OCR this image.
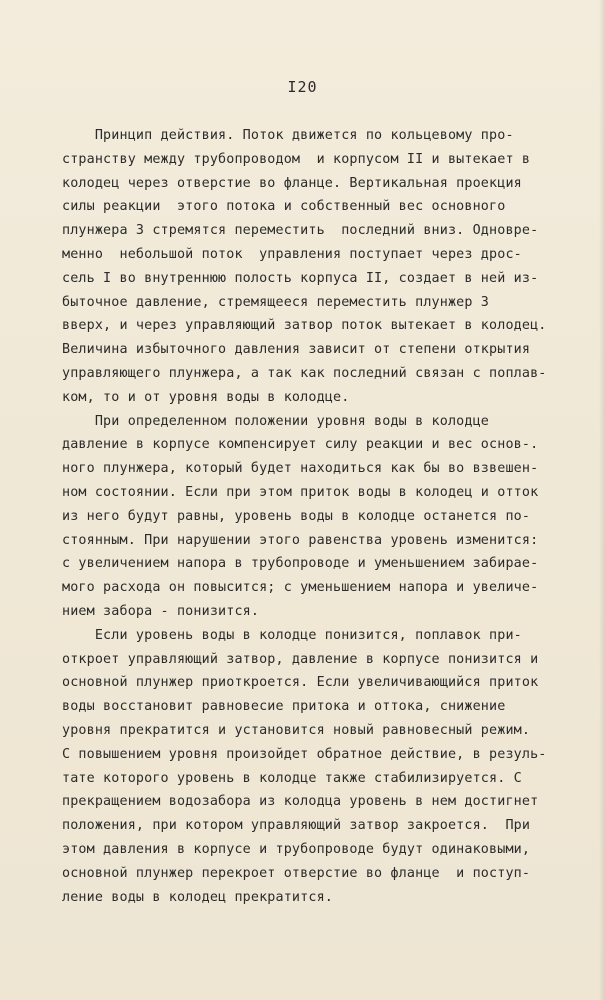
I20

Принцип действия. Поток движется по кольцевому про-
странству между трубопроводом  и корпусом II и вытекает в
колодец через отверстие во фланце. Вертикальная проекция
силы реакции  этого потока и собственный вес основного
плунжера 3 стремятся переместить  последний вниз. Одновре-
менно  небольшой поток  управления поступает через дрос-
сель I во внутреннюю полость корпуса II, создает в ней из-
быточное давление, стремящееся переместить плунжер 3
вверх, и через управляющий затвор поток вытекает в колодец.
Величина избыточного давления зависит от степени открытия
управляющего плунжера, а так как последний связан с поплав-
ком, то и от уровня воды в колодце.

При определенном положении уровня воды в колодце
давление в корпусе компенсирует силу реакции и вес основ-.
ного плунжера, который будет находиться как бы во взвешен-
ном состоянии. Если при этом приток воды в колодец и отток
из него будут равны, уровень воды в колодце останется по-
стоянным. При нарушении этого равенства уровень изменится:
с увеличением напора в трубопроводе и уменьшением забирае-
мого расхода он повысится; с уменьшением напора и увеличе-
нием забора - понизится.

Если уровень воды в колодце понизится, поплавок при-
откроет управляющий затвор, давление в корпусе понизится и
основной плунжер приоткроется. Если увеличивающийся приток
воды восстановит равновесие притока и оттока, снижение
уровня прекратится и установится новый равновесный режим.
С повышением уровня произойдет обратное действие, в резуль-
тате которого уровень в колодце также стабилизируется. С
прекращением водозабора из колодца уровень в нем достигнет
положения, при котором управляющий затвор закроется.  При
этом давления в корпусе и трубопроводе будут одинаковыми,
основной плунжер перекроет отверстие во фланце  и поступ-
ление воды в колодец прекратится.
